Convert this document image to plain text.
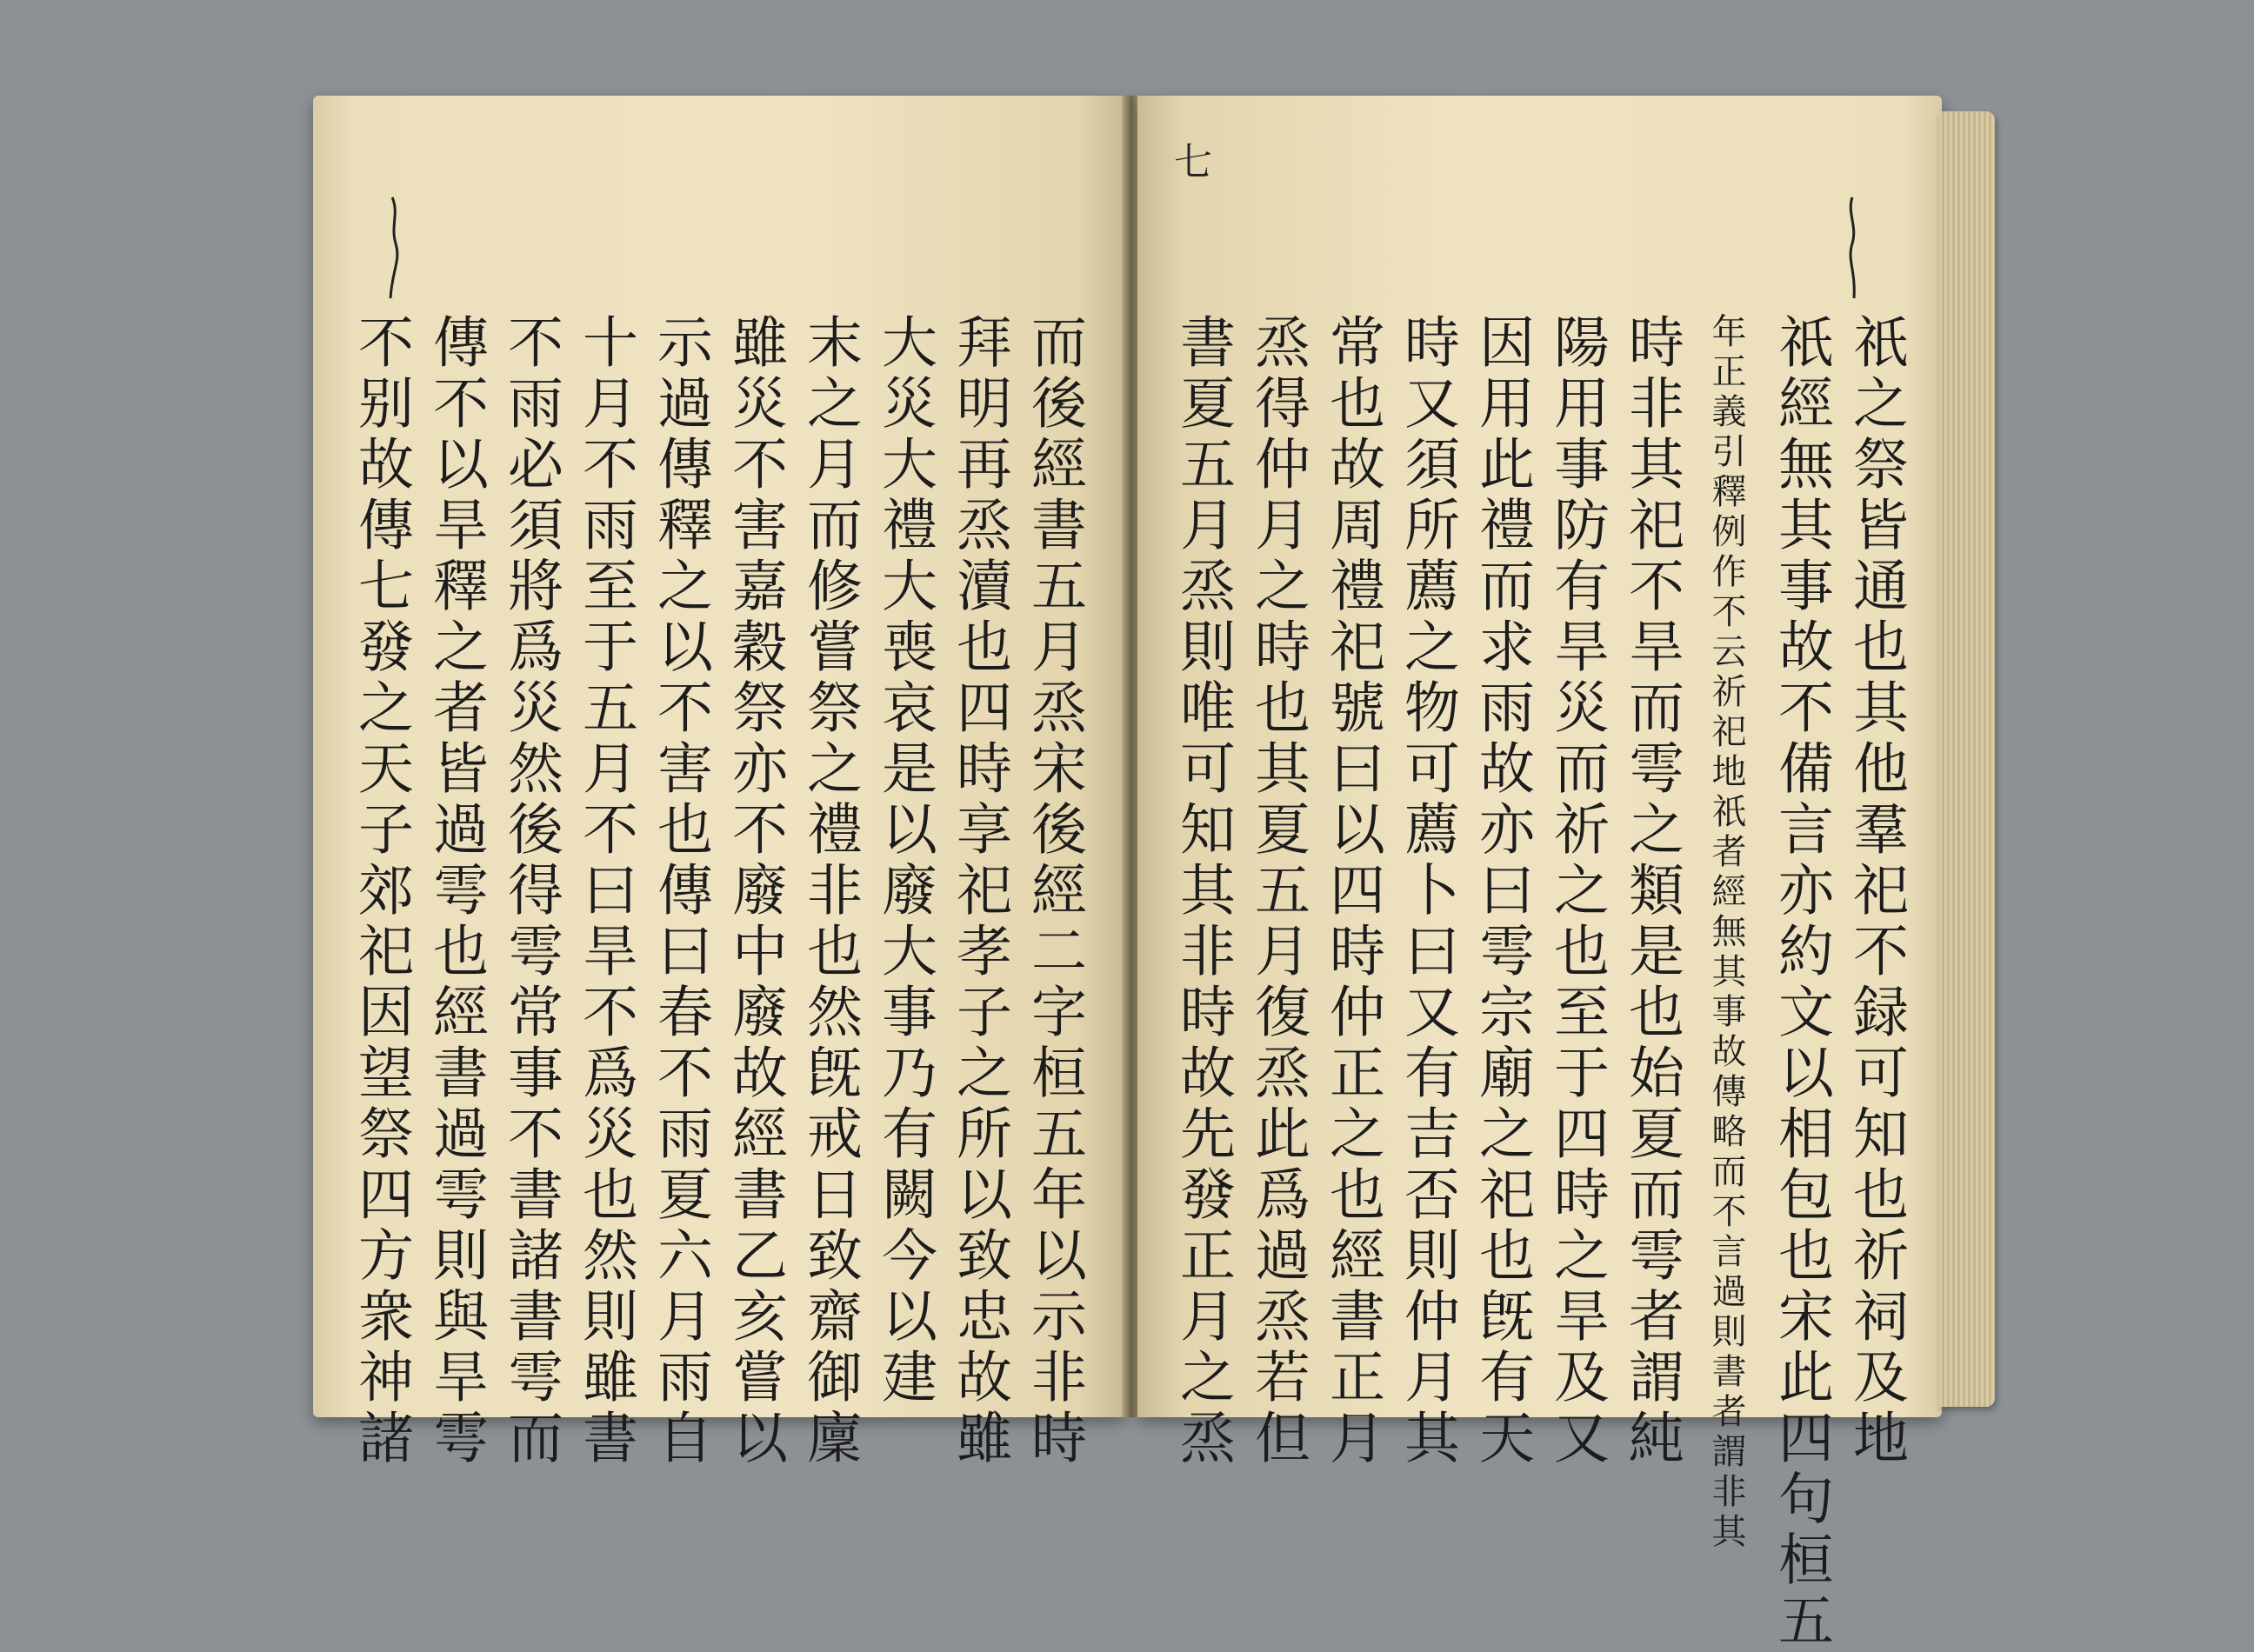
七
而後經書五月烝宋後經二字桓五年以示非時
拜明再烝瀆也四時享祀孝子之所以致忠故雖
大災大禮大喪哀是以廢大事乃有闕今以建
末之月而修嘗祭之禮非也然旣戒日致齋御廩
雖災不害嘉穀祭亦不廢中廢故經書乙亥嘗以
示過傳釋之以不害也傳曰春不雨夏六月雨自
十月不雨至于五月不曰旱不爲災也然則雖書
不雨必須將爲災然後得雩常事不書諸書雩而
傳不以旱釋之者皆過雩也經書過雩則與旱雩
不别故傳七發之天子郊祀因望祭四方衆神諸	祇之祭皆通也其他羣祀不録可知也祈祠及地
祇經無其事故不備言亦約文以相包也宋此四句桓五
年正義引釋例作不云祈祀地祇者經無其事故傳略而不言過則書者謂非其
時非其祀不旱而雩之類是也始夏而雩者謂純
陽用事防有旱災而祈之也至于四時之旱及又
因用此禮而求雨故亦曰雩宗廟之祀也旣有天
時又須所薦之物可薦卜曰又有吉否則仲月其
常也故周禮祀號曰以四時仲正之也經書正月
烝得仲月之時也其夏五月復烝此爲過烝若但
書夏五月烝則唯可知其非時故先發正月之烝
